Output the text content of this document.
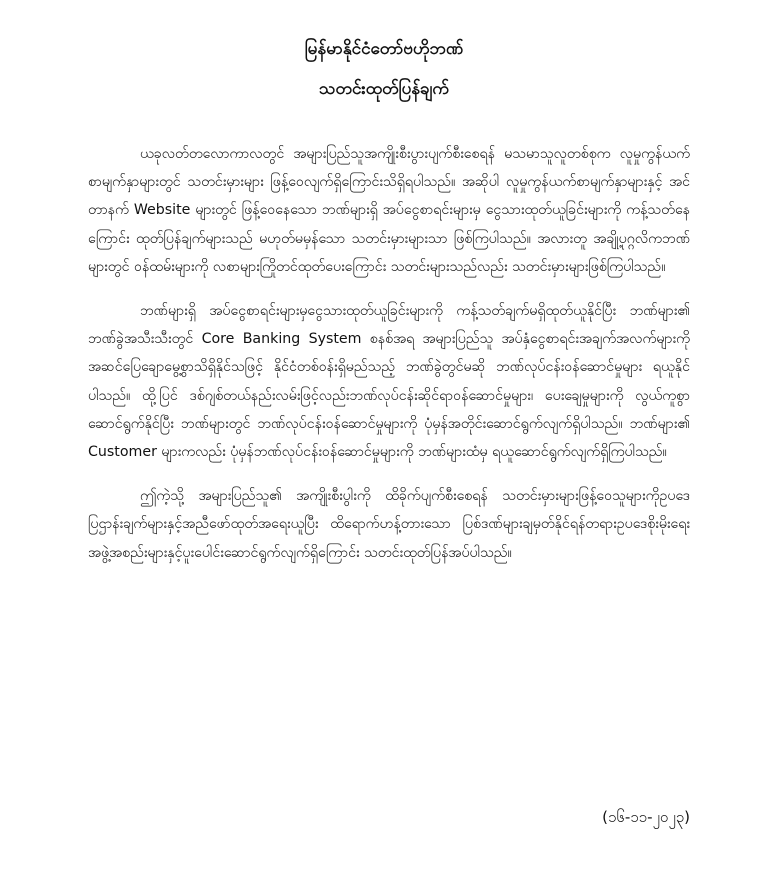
မြန်မာနိုင်ငံတော်ဗဟိုဘဏ်
သတင်းထုတ်ပြန်ချက်

ယခုလတ်တလောကာလတွင် အများပြည်သူအကျိုးစီးပွားပျက်စီးစေရန် မသမာသူလူတစ်စုက လူမှုကွန်ယက်စာမျက်နှာများတွင် သတင်းမှားများ ဖြန့်ဝေလျက်ရှိကြောင်းသိရှိရပါသည်။ အဆိုပါ လူမှုကွန်ယက်စာမျက်နှာများနှင့် အင်တာနက် Website များတွင် ဖြန့်ဝေနေသော ဘဏ်များရှိ အပ်ငွေစာရင်းများမှ ငွေသားထုတ်ယူခြင်းများကို ကန့်သတ်နေကြောင်း ထုတ်ပြန်ချက်များသည် မဟုတ်မမှန်သော သတင်းမှားများသာ ဖြစ်ကြပါသည်။ အလားတူ အချို့ပုဂ္ဂလိကဘဏ်များတွင် ဝန်ထမ်းများကို လစာများကြိုတင်ထုတ်ပေးကြောင်း သတင်းများသည်လည်း သတင်းမှားများဖြစ်ကြပါသည်။

ဘဏ်များရှိ အပ်ငွေစာရင်းများမှငွေသားထုတ်ယူခြင်းများကို ကန့်သတ်ချက်မရှိထုတ်ယူနိုင်ပြီး ဘဏ်များ၏ ဘဏ်ခွဲအသီးသီးတွင် Core Banking System စနစ်အရ အများပြည်သူ အပ်နှံငွေစာရင်းအချက်အလက်များကို အဆင်ပြေချောမွေ့စွာသိရှိနိုင်သဖြင့် နိုင်ငံတစ်ဝန်းရှိမည်သည့် ဘဏ်ခွဲတွင်မဆို ဘဏ်လုပ်ငန်းဝန်ဆောင်မှုများ ရယူနိုင်ပါသည်။ ထို့ပြင် ဒစ်ဂျစ်တယ်နည်းလမ်းဖြင့်လည်းဘဏ်လုပ်ငန်းဆိုင်ရာဝန်ဆောင်မှုများ၊ ပေးချေမှုများကို လွယ်ကူစွာဆောင်ရွက်နိုင်ပြီး ဘဏ်များတွင် ဘဏ်လုပ်ငန်းဝန်ဆောင်မှုများကို ပုံမှန်အတိုင်းဆောင်ရွက်လျက်ရှိပါသည်။ ဘဏ်များ၏ Customer များကလည်း ပုံမှန်ဘဏ်လုပ်ငန်းဝန်ဆောင်မှုများကို ဘဏ်များထံမှ ရယူဆောင်ရွက်လျက်ရှိကြပါသည်။

ဤကဲ့သို့ အများပြည်သူ၏ အကျိုးစီးပွါးကို ထိခိုက်ပျက်စီးစေရန် သတင်းမှားများဖြန့်ဝေသူများကိုဥပဒေပြဌာန်းချက်များနှင့်အညီဖော်ထုတ်အရေးယူပြီး ထိရောက်ဟန့်တားသော ပြစ်ဒဏ်များချမှတ်နိုင်ရန်တရားဥပဒေစိုးမိုးရေးအဖွဲ့အစည်းများနှင့်ပူးပေါင်းဆောင်ရွက်လျက်ရှိကြောင်း သတင်းထုတ်ပြန်အပ်ပါသည်။

(၁၆-၁၁-၂၀၂၃)
